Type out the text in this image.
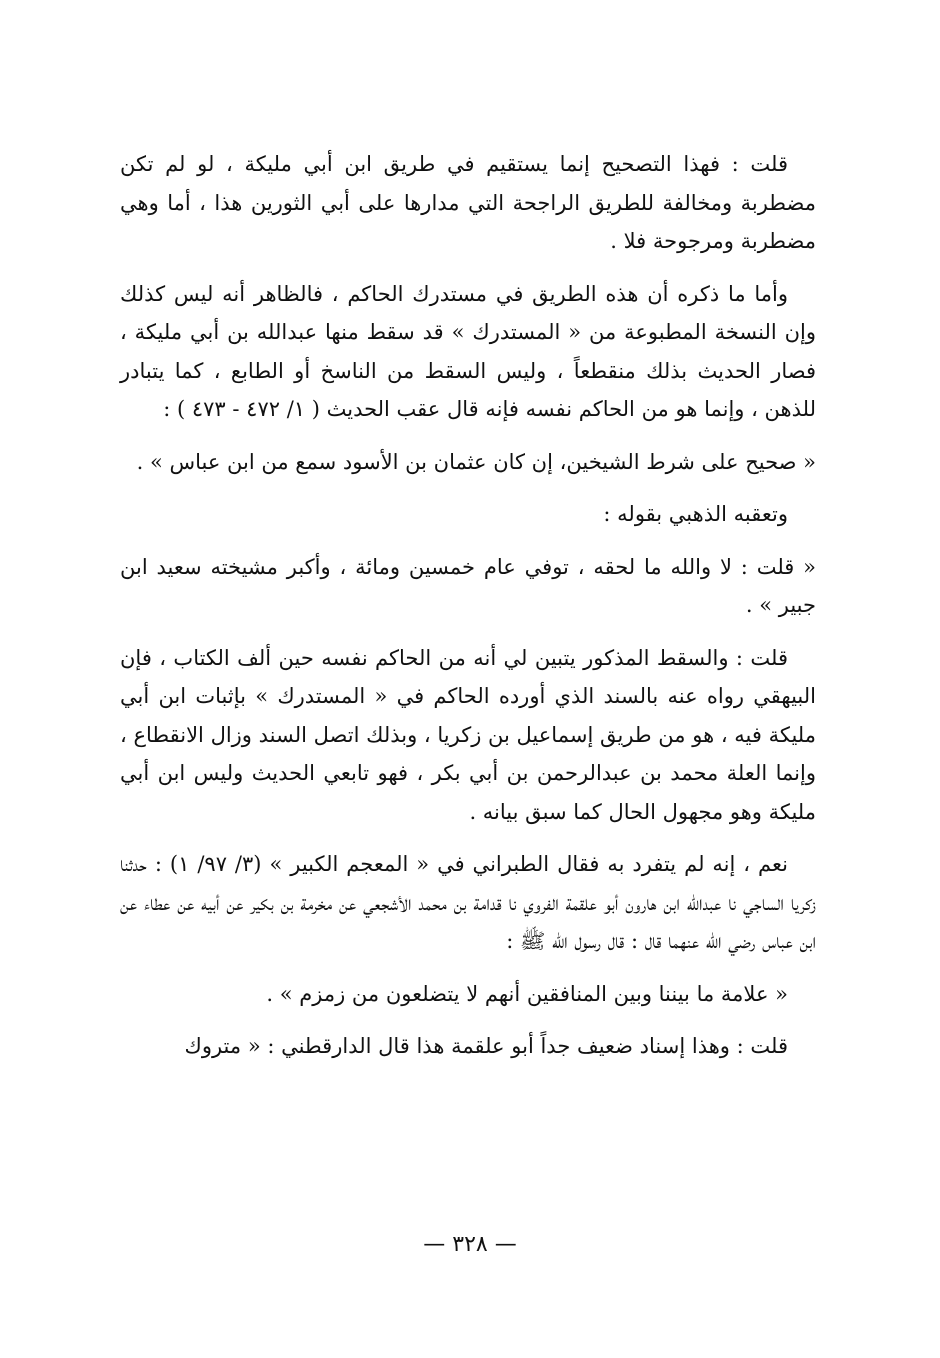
قلت : فهذا التصحيح إنما يستقيم في طريق ابن أبي مليكة ، لو لم تكن مضطربة ومخالفة للطريق الراجحة التي مدارها على أبي الثورين هذا ، أما وهي مضطربة ومرجوحة فلا .

وأما ما ذكره أن هذه الطريق في مستدرك الحاكم ، فالظاهر أنه ليس كذلك وإن النسخة المطبوعة من « المستدرك » قد سقط منها عبدالله بن أبي مليكة ، فصار الحديث بذلك منقطعاً ، وليس السقط من الناسخ أو الطابع ، كما يتبادر للذهن ، وإنما هو من الحاكم نفسه فإنه قال عقب الحديث ( ١/ ٤٧٢ - ٤٧٣ ) :

« صحيح على شرط الشيخين، إن كان عثمان بن الأسود سمع من ابن عباس » .

وتعقبه الذهبي بقوله :

« قلت : لا والله ما لحقه ، توفي عام خمسين ومائة ، وأكبر مشيخته سعيد ابن جبير » .

قلت : والسقط المذكور يتبين لي أنه من الحاكم نفسه حين ألف الكتاب ، فإن البيهقي رواه عنه بالسند الذي أورده الحاكم في « المستدرك » بإثبات ابن أبي مليكة فيه ، هو من طريق إسماعيل بن زكريا ، وبذلك اتصل السند وزال الانقطاع ، وإنما العلة محمد بن عبدالرحمن بن أبي بكر ، فهو تابعي الحديث وليس ابن أبي مليكة وهو مجهول الحال كما سبق بيانه .

نعم ، إنه لم يتفرد به فقال الطبراني في « المعجم الكبير » (٣/ ٩٧/ ١) : حدثنا زكريا الساجي نا عبدالله ابن هارون أبو علقمة الفروي نا قدامة بن محمد الأشجعي عن مخرمة بن بكير عن أبيه عن عطاء عن ابن عباس رضي الله عنهما قال : قال رسول الله ﷺ :

« علامة ما بيننا وبين المنافقين أنهم لا يتضلعون من زمزم » .

قلت : وهذا إسناد ضعيف جداً أبو علقمة هذا قال الدارقطني : « متروك

— ٣٢٨ —
